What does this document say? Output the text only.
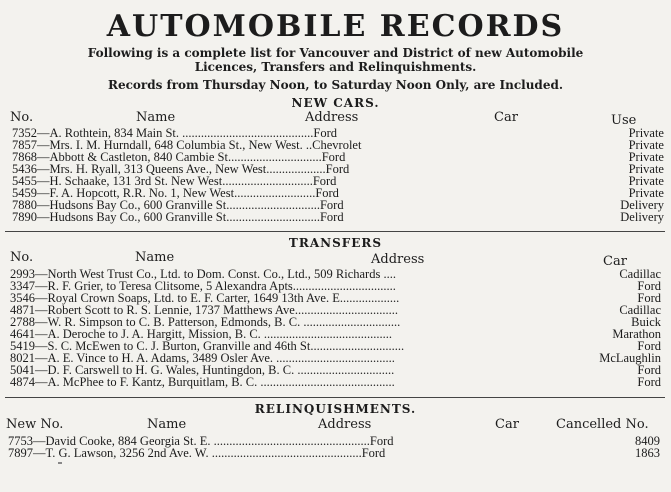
AUTOMOBILE RECORDS
Following is a complete list for Vancouver and District of new Automobile
Licences, Transfers and Relinquishments.
Records from Thursday Noon, to Saturday Noon Only, are Included.
NEW CARS.
No.	Name	Address	Car	Use
7352—A. Rothtein, 834 Main St. ..........................................Ford	Private
7857—Mrs. I. M. Hurndall, 648 Columbia St., New West. ..Chevrolet	Private
7868—Abbott & Castleton, 840 Cambie St..............................Ford	Private
5436—Mrs. H. Ryall, 313 Queens Ave., New West...................Ford	Private
5455—H. Schaake, 131 3rd St. New West.............................Ford	Private
5459—F. A. Hopcott, R.R. No. 1, New West..........................Ford	Private
7880—Hudsons Bay Co., 600 Granville St..............................Ford	Delivery
7890—Hudsons Bay Co., 600 Granville St..............................Ford	Delivery
TRANSFERS
No.	Name	Address	Car
2993—North West Trust Co., Ltd. to Dom. Const. Co., Ltd., 509 Richards ....	Cadillac
3347—R. F. Grier, to Teresa Clitsome, 5 Alexandra Apts.................................	Ford
3546—Royal Crown Soaps, Ltd. to E. F. Carter, 1649 13th Ave. E...................	Ford
4871—Robert Scott to R. S. Lennie, 1737 Matthews Ave.................................	Cadillac
2788—W. R. Simpson to C. B. Patterson, Edmonds, B. C. ...............................	Buick
4641—A. Deroche to J. A. Hargitt, Mission, B. C. .........................................	Marathon
5419—S. C. McEwen to C. J. Burton, Granville and 46th St..............................	Ford
8021—A. E. Vince to H. A. Adams, 3489 Osler Ave. ......................................	McLaughlin
5041—D. F. Carswell to H. G. Wales, Huntingdon, B. C. ...............................	Ford
4874—A. McPhee to F. Kantz, Burquitlam, B. C. ...........................................	Ford
RELINQUISHMENTS.
New No.	Name	Address	Car	Cancelled No.
7753—David Cooke, 884 Georgia St. E. ..................................................Ford	8409
7897—T. G. Lawson, 3256 2nd Ave. W. ................................................Ford	1863
